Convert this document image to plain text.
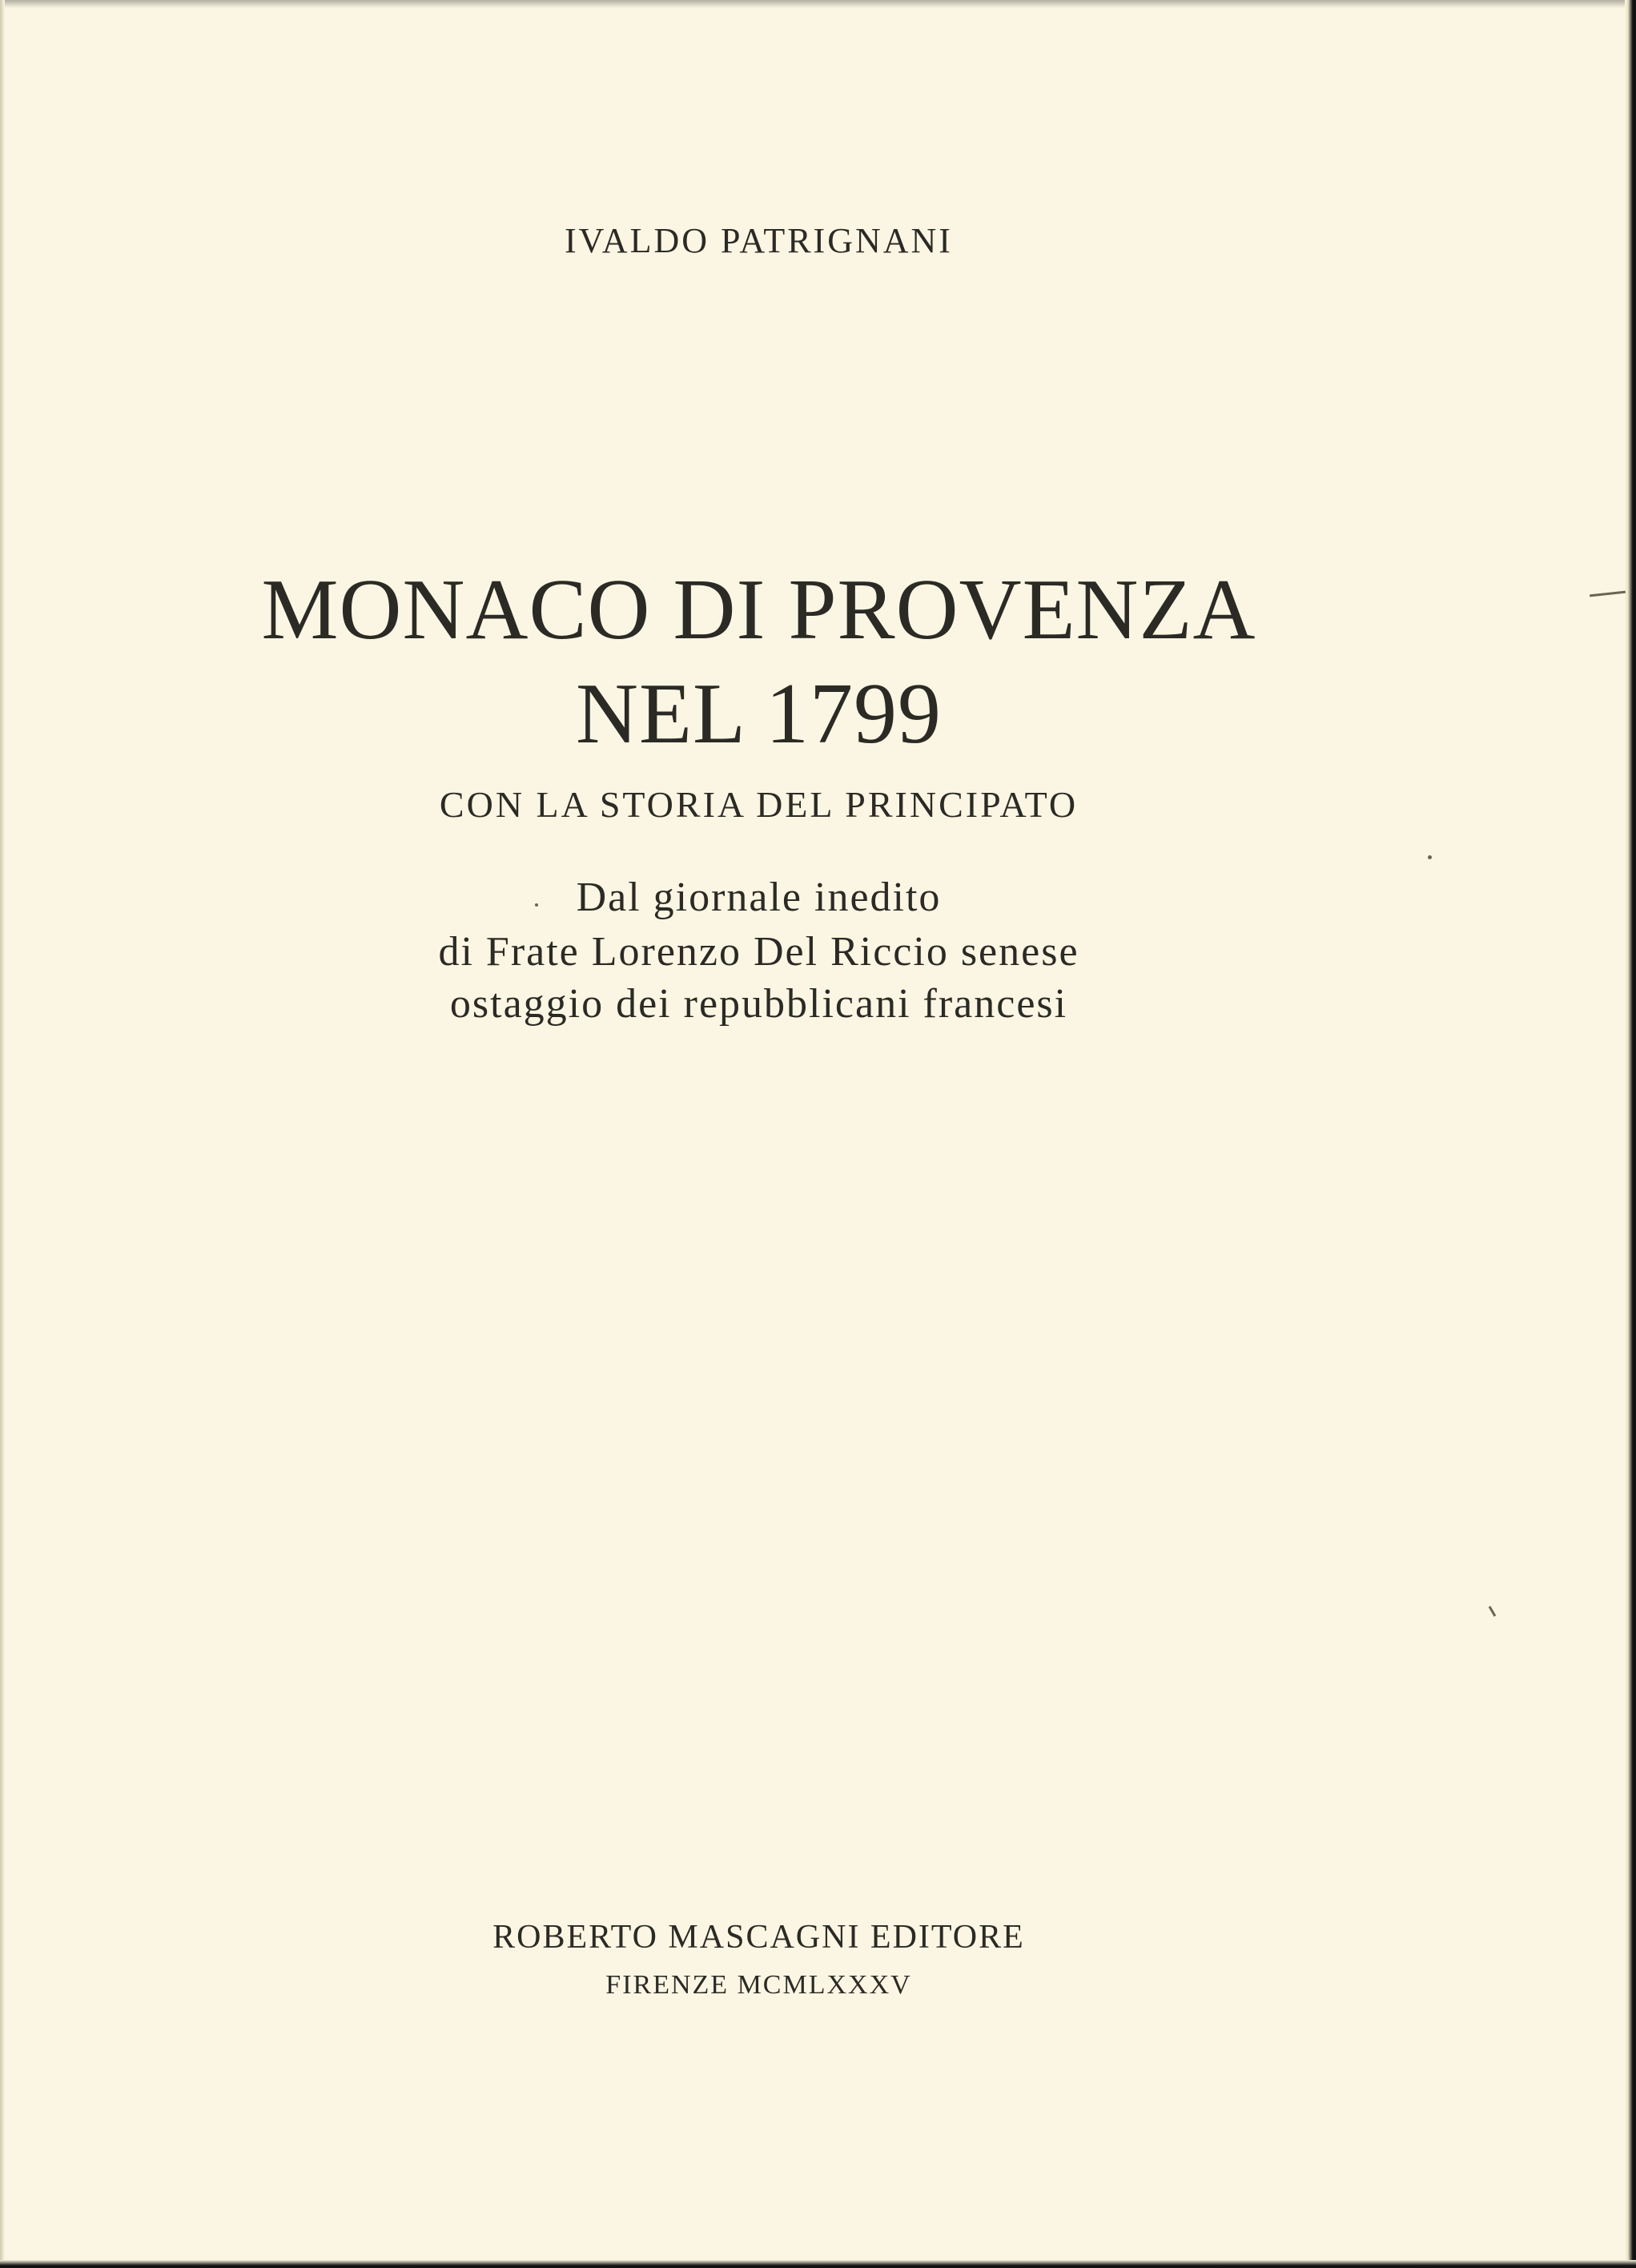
IVALDO PATRIGNANI
MONACO DI PROVENZA
NEL 1799
CON LA STORIA DEL PRINCIPATO
Dal giornale inedito
di Frate Lorenzo Del Riccio senese
ostaggio dei repubblicani francesi
ROBERTO MASCAGNI EDITORE
FIRENZE MCMLXXXV
